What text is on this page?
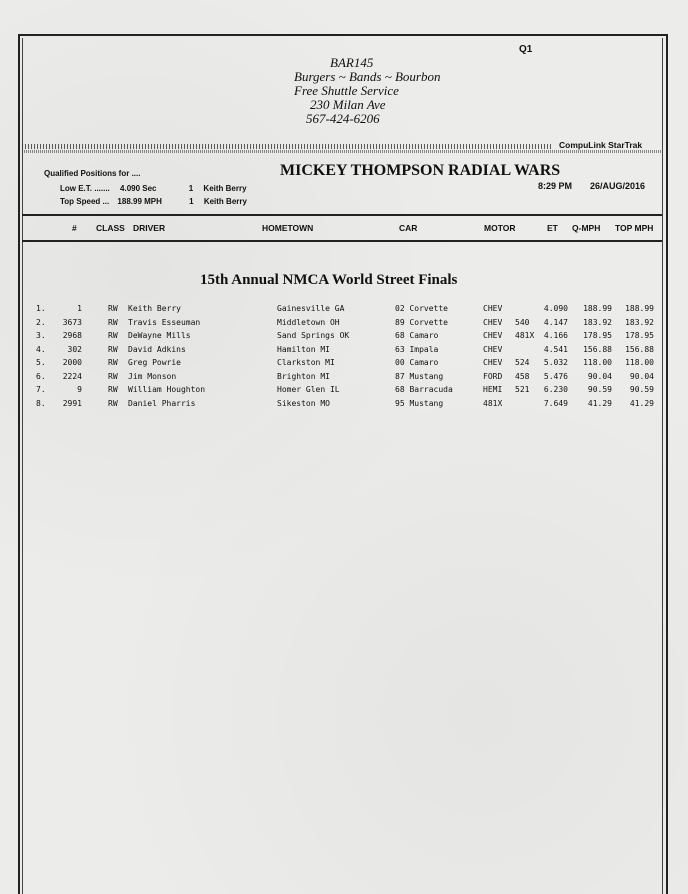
Q1
BAR145
Burgers ~ Bands ~ Bourbon
Free Shuttle Service
230 Milan Ave
567-424-6206
CompuLink StarTrak
Qualified Positions for ....
Low E.T. ....... 4.090 Sec	1 Keith Berry
Top Speed ... 188.99 MPH	1 Keith Berry
MICKEY THOMPSON RADIAL WARS
8:29 PM 26/AUG/2016
# CLASS DRIVER	HOMETOWN	CAR	MOTOR	ET Q-MPH TOP MPH
15th Annual NMCA World Street Finals
1.	1	RW Keith Berry	Gainesville GA	02 Corvette	CHEV	4.090	188.99	188.99
2.	3673	RW Travis Esseuman	Middletown OH	89 Corvette	CHEV 540	4.147	183.92	183.92
3.	2968	RW DeWayne Mills	Sand Springs OK	68 Camaro	CHEV 481X	4.166	178.95	178.95
4.	302	RW David Adkins	Hamilton MI	63 Impala	CHEV	4.541	156.88	156.88
5.	2000	RW Greg Powrie	Clarkston MI	00 Camaro	CHEV 524	5.032	118.00	118.00
6.	2224	RW Jim Monson	Brighton MI	87 Mustang	FORD 458	5.476	90.04	90.04
7.	9	RW William Houghton	Homer Glen IL	68 Barracuda	HEMI 521	6.230	90.59	90.59
8.	2991	RW Daniel Pharris	Sikeston MO	95 Mustang	481X	7.649	41.29	41.29
